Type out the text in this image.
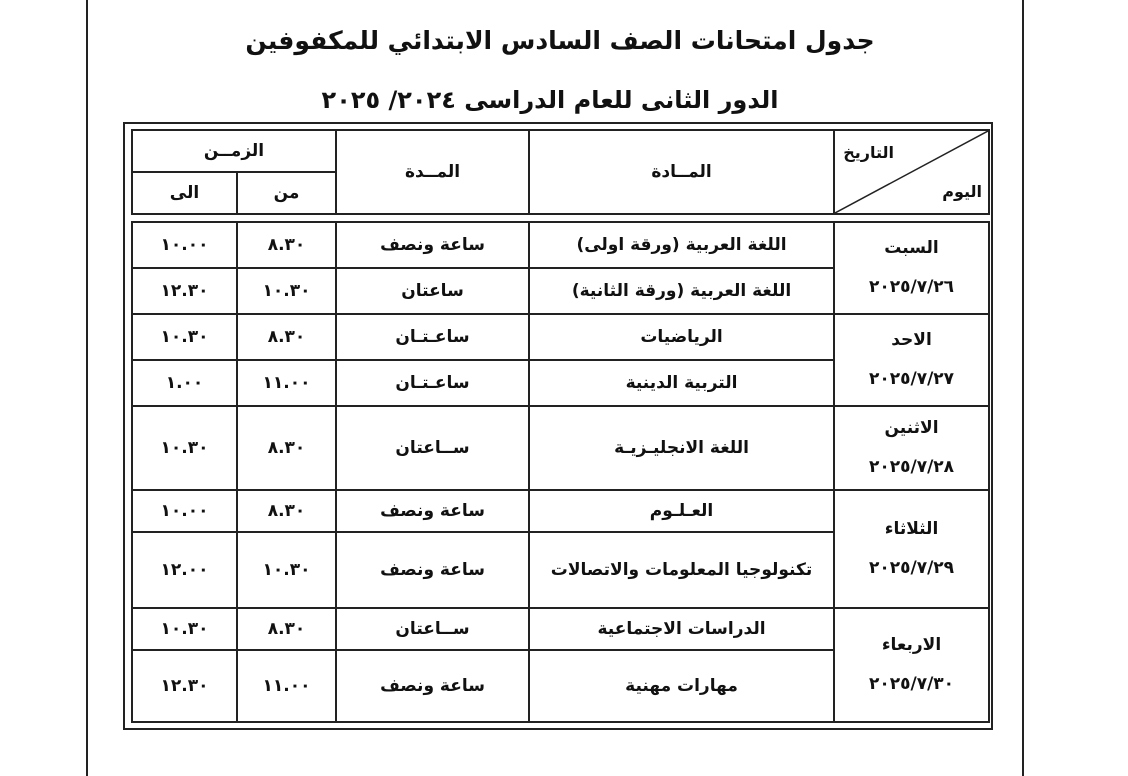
جدول امتحانات الصف السادس الابتدائي للمكفوفين
الدور الثانى للعام الدراسى ٢٠٢٤/ ٢٠٢٥
التاريخ
اليوم	المــادة	المــدة	الزمــن	
			من	الى

السبت
٢٠٢٥/٧/٢٦	اللغة العربية (ورقة اولى)	ساعة ونصف	٨.٣٠	١٠.٠٠
	اللغة العربية (ورقة الثانية)	ساعتان	١٠.٣٠	١٢.٣٠

الاحد
٢٠٢٥/٧/٢٧	الرياضيات	ساعـتـان	٨.٣٠	١٠.٣٠
	التربية الدينية	ساعـتـان	١١.٠٠	١.٠٠

الاثنين
٢٠٢٥/٧/٢٨	اللغة الانجليـزيـة	ســاعتان	٨.٣٠	١٠.٣٠

الثلاثاء
٢٠٢٥/٧/٢٩	العـلـوم	ساعة ونصف	٨.٣٠	١٠.٠٠
	تكنولوجيا المعلومات والاتصالات	ساعة ونصف	١٠.٣٠	١٢.٠٠

الاربعاء
٢٠٢٥/٧/٣٠	الدراسات الاجتماعية	ســاعتان	٨.٣٠	١٠.٣٠
	مهارات مهنية	ساعة ونصف	١١.٠٠	١٢.٣٠
